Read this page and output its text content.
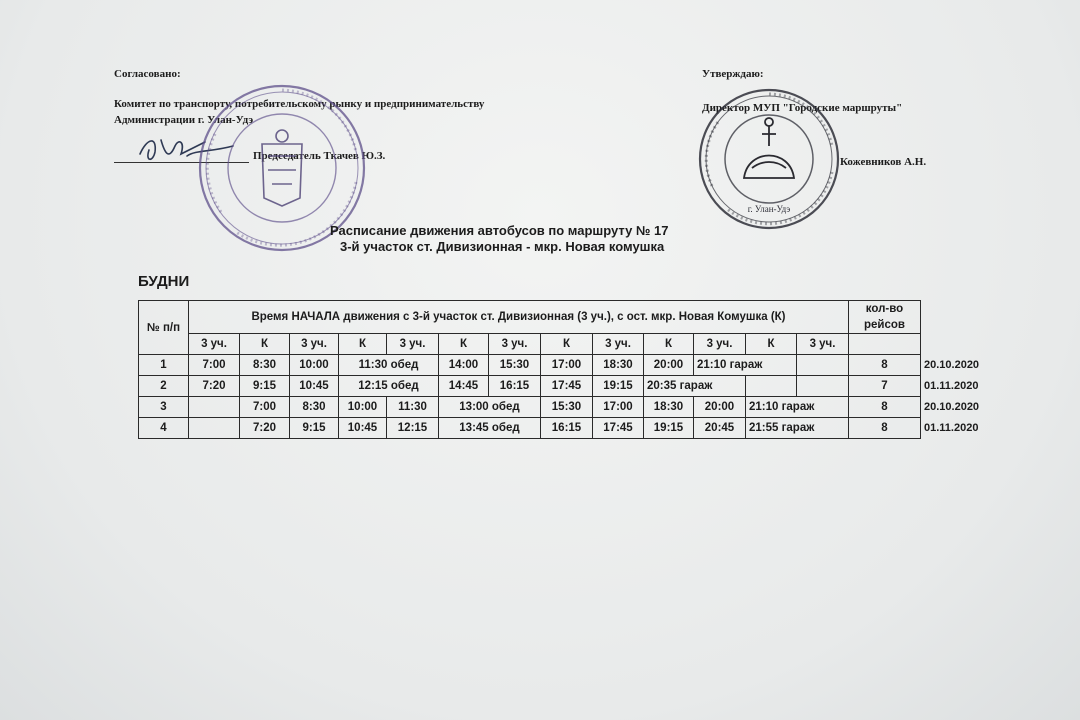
Согласовано:
Комитет по транспорту, потребительскому рынку и предпринимательству
Администрации г. Улан-Удэ
Председатель Ткачев Ю.З.
Утверждаю:
Директор МУП "Городские маршруты"
Кожевников А.Н.
г. Улан-Удэ
Расписание движения автобусов по маршруту № 17
3-й участок ст. Дивизионная - мкр. Новая комушка
БУДНИ
№ п/п	Время НАЧАЛА движения с 3-й участок ст. Дивизионная (3 уч.), с ост. мкр. Новая Комушка (К)													кол-во рейсов	
	3 уч.	К	3 уч.	К	3 уч.	К	3 уч.	К	3 уч.	К	3 уч.	К	3 уч.		
1	7:00	8:30	10:00	11:30 обед		14:00	15:30	17:00	18:30	20:00	21:10 гараж			8	20.10.2020
2	7:20	9:15	10:45	12:15 обед		14:45	16:15	17:45	19:15	20:35 гараж				7	01.11.2020
3		7:00	8:30	10:00	11:30	13:00 обед		15:30	17:00	18:30	20:00	21:10 гараж		8	20.10.2020
4		7:20	9:15	10:45	12:15	13:45 обед		16:15	17:45	19:15	20:45	21:55 гараж		8	01.11.2020
